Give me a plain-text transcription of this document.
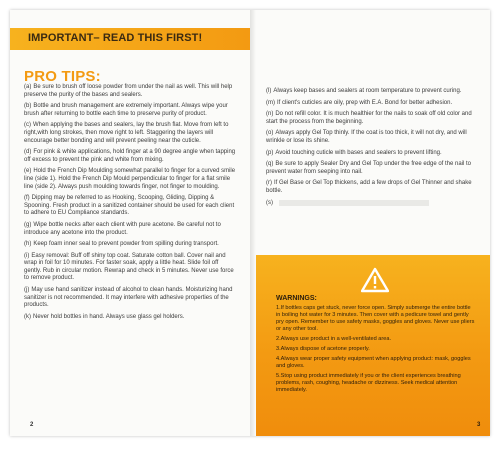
IMPORTANT– READ THIS FIRST!
PRO TIPS:
(a) Be sure to brush off loose powder from under the nail as well. This will help preserve the purity of the bases and sealers.
(b) Bottle and brush management are extremely important. Always wipe your brush after returning to bottle each time to preserve purity of product.
(c) When applying the bases and sealers, lay the brush flat. Move from left to right,with long strokes, then move right to left. Staggering the layers will encourage better bonding and will prevent peeling near the cuticle.
(d) For pink & white applications, hold finger at a 90 degree angle when tapping off excess to prevent the pink and white from mixing.
(e) Hold the French Dip Moulding somewhat parallel to finger for a curved smile line (side 1). Hold the French Dip Mould perpendicular to finger for a flat smile line (side 2). Always push moulding towards finger, not finger to moulding.
(f) Dipping may be referred to as Hooking, Scooping, Gliding, Dipping & Spooning. Fresh product in a sanitized container should be used for each client to adhere to EU Compliance standards.
(g) Wipe bottle necks after each client with pure acetone. Be careful not to introduce any acetone into the product.
(h) Keep foam inner seal to prevent powder from spilling during transport.
(i) Easy removal: Buff off shiny top coat. Saturate cotton ball. Cover nail and wrap in foil for 10 minutes. For faster soak, apply a little heat. Slide foil off gently. Rub in circular motion. Rewrap and check in 5 minutes. Never use force to remove product.
(j) May use hand sanitizer instead of alcohol to clean hands. Moisturizing hand sanitizer is not recommended. It may interfere with adhesive properties of the products.
(k) Never hold bottles in hand. Always use glass gel holders.
(l) Always keep bases and sealers at room temperature to prevent curing.
(m) If client's cuticles are oily, prep with E.A. Bond for better adhesion.
(n) Do not refill color. It is much healthier for the nails to soak off old color and start the process from the beginning.
(o) Always apply Gel Top thinly. If the coat is too thick, it will not dry, and will wrinkle or lose its shine.
(p) Avoid touching cuticle with bases and sealers to prevent lifting.
(q) Be sure to apply Sealer Dry and Gel Top under the free edge of the nail to prevent water from seeping into nail.
(r) If Gel Base or Gel Top thickens, add a few drops of Gel Thinner and shake bottle.
(s)
WARNINGS:
1.If bottles caps get stuck, never force open. Simply submerge the entire bottle in boiling hot water for 3 minutes. Then cover with a pedicure towel and gently pry open. Remember to use safety masks, goggles and gloves. Never use pliers or any other tool.
2.Always use product in a well-ventilated area.
3.Always dispose of acetone properly.
4.Always wear proper safety equipment when applying product: mask, goggles and gloves.
5.Stop using product immediately if you or the client experiences breathing problems, rash, coughing, headache or dizziness. Seek medical attention immediately.
2	3
